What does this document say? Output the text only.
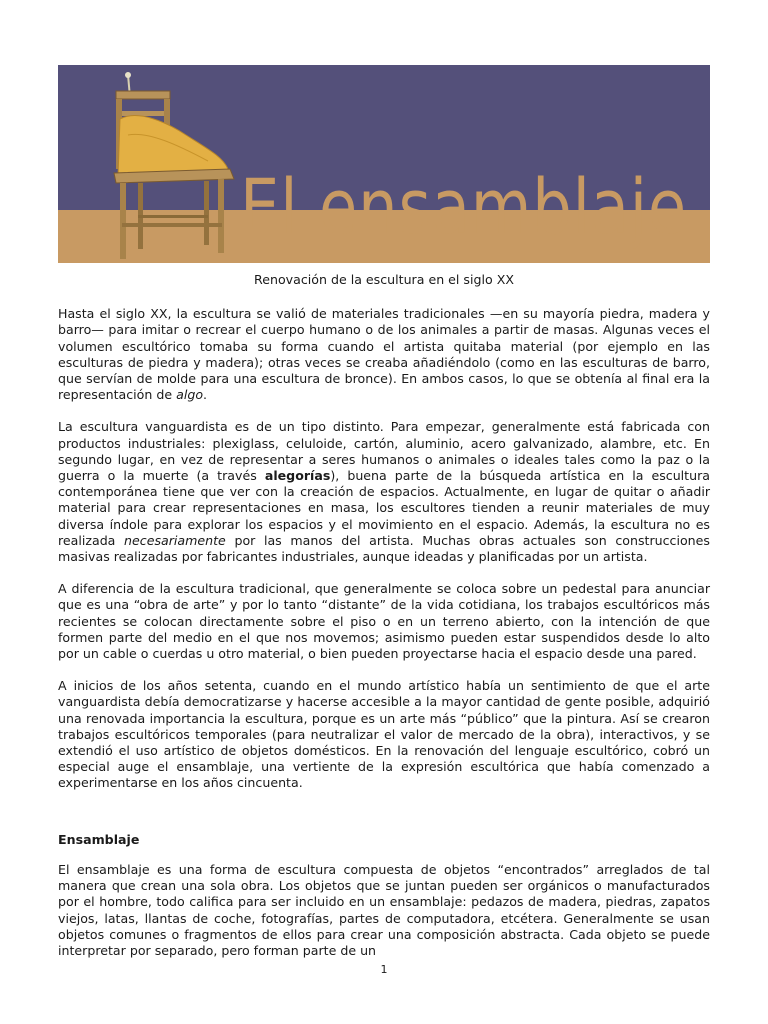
El ensamblaje
Renovación de la escultura en el siglo XX

Hasta el siglo XX, la escultura se valió de materiales tradicionales —en su mayoría piedra, madera y barro— para imitar o recrear el cuerpo humano o de los animales a partir de masas. Algunas veces el volumen escultórico tomaba su forma cuando el artista quitaba material (por ejemplo en las esculturas de piedra y madera); otras veces se creaba añadiéndolo (como en las esculturas de barro, que servían de molde para una escultura de bronce). En ambos casos, lo que se obtenía al final era la representación de algo.

La escultura vanguardista es de un tipo distinto. Para empezar, generalmente está fabricada con productos industriales: plexiglass, celuloide, cartón, aluminio, acero galvanizado, alambre, etc. En segundo lugar, en vez de representar a seres humanos o animales o ideales tales como la paz o la guerra o la muerte (a través alegorías), buena parte de la búsqueda artística en la escultura contemporánea tiene que ver con la creación de espacios. Actualmente, en lugar de quitar o añadir material para crear representaciones en masa, los escultores tienden a reunir materiales de muy diversa índole para explorar los espacios y el movimiento en el espacio. Además, la escultura no es realizada necesariamente por las manos del artista. Muchas obras actuales son construcciones masivas realizadas por fabricantes industriales, aunque ideadas y planificadas por un artista.

A diferencia de la escultura tradicional, que generalmente se coloca sobre un pedestal para anunciar que es una “obra de arte” y por lo tanto “distante” de la vida cotidiana, los trabajos escultóricos más recientes se colocan directamente sobre el piso o en un terreno abierto, con la intención de que formen parte del medio en el que nos movemos; asimismo pueden estar suspendidos desde lo alto por un cable o cuerdas u otro material, o bien pueden proyectarse hacia el espacio desde una pared.

A inicios de los años setenta, cuando en el mundo artístico había un sentimiento de que el arte vanguardista debía democratizarse y hacerse accesible a la mayor cantidad de gente posible, adquirió una renovada importancia la escultura, porque es un arte más “público” que la pintura. Así se crearon trabajos escultóricos temporales (para neutralizar el valor de mercado de la obra), interactivos, y se extendió el uso artístico de objetos domésticos. En la renovación del lenguaje escultórico, cobró un especial auge el ensamblaje, una vertiente de la expresión escultórica que había comenzado a experimentarse en los años cincuenta.

Ensamblaje

El ensamblaje es una forma de escultura compuesta de objetos “encontrados” arreglados de tal manera que crean una sola obra. Los objetos que se juntan pueden ser orgánicos o manufacturados por el hombre, todo califica para ser incluido en un ensamblaje: pedazos de madera, piedras, zapatos viejos, latas, llantas de coche, fotografías, partes de computadora, etcétera. Generalmente se usan objetos comunes o fragmentos de ellos para crear una composición abstracta. Cada objeto se puede interpretar por separado, pero forman parte de un

1
